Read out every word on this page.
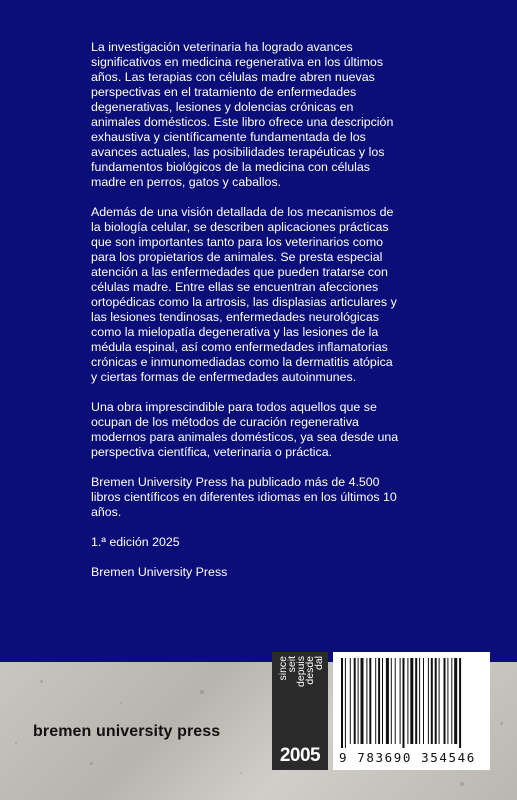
La investigación veterinaria ha logrado avances significativos en medicina regenerativa en los últimos años. Las terapias con células madre abren nuevas perspectivas en el tratamiento de enfermedades degenerativas, lesiones y dolencias crónicas en animales domésticos. Este libro ofrece una descripción exhaustiva y científicamente fundamentada de los avances actuales, las posibilidades terapéuticas y los fundamentos biológicos de la medicina con células madre en perros, gatos y caballos.

Además de una visión detallada de los mecanismos de la biología celular, se describen aplicaciones prácticas que son importantes tanto para los veterinarios como para los propietarios de animales. Se presta especial atención a las enfermedades que pueden tratarse con células madre. Entre ellas se encuentran afecciones ortopédicas como la artrosis, las displasias articulares y las lesiones tendinosas, enfermedades neurológicas como la mielopatía degenerativa y las lesiones de la médula espinal, así como enfermedades inflamatorias crónicas e inmunomediadas como la dermatitis atópica y ciertas formas de enfermedades autoinmunes.

Una obra imprescindible para todos aquellos que se ocupan de los métodos de curación regenerativa modernos para animales domésticos, ya sea desde una perspectiva científica, veterinaria o práctica.

Bremen University Press ha publicado más de 4.500 libros científicos en diferentes idiomas en los últimos 10 años.

1.ª edición 2025

Bremen University Press

bremen university press
since
seit
depuis
desde
dal
2005	9 783690 354546
